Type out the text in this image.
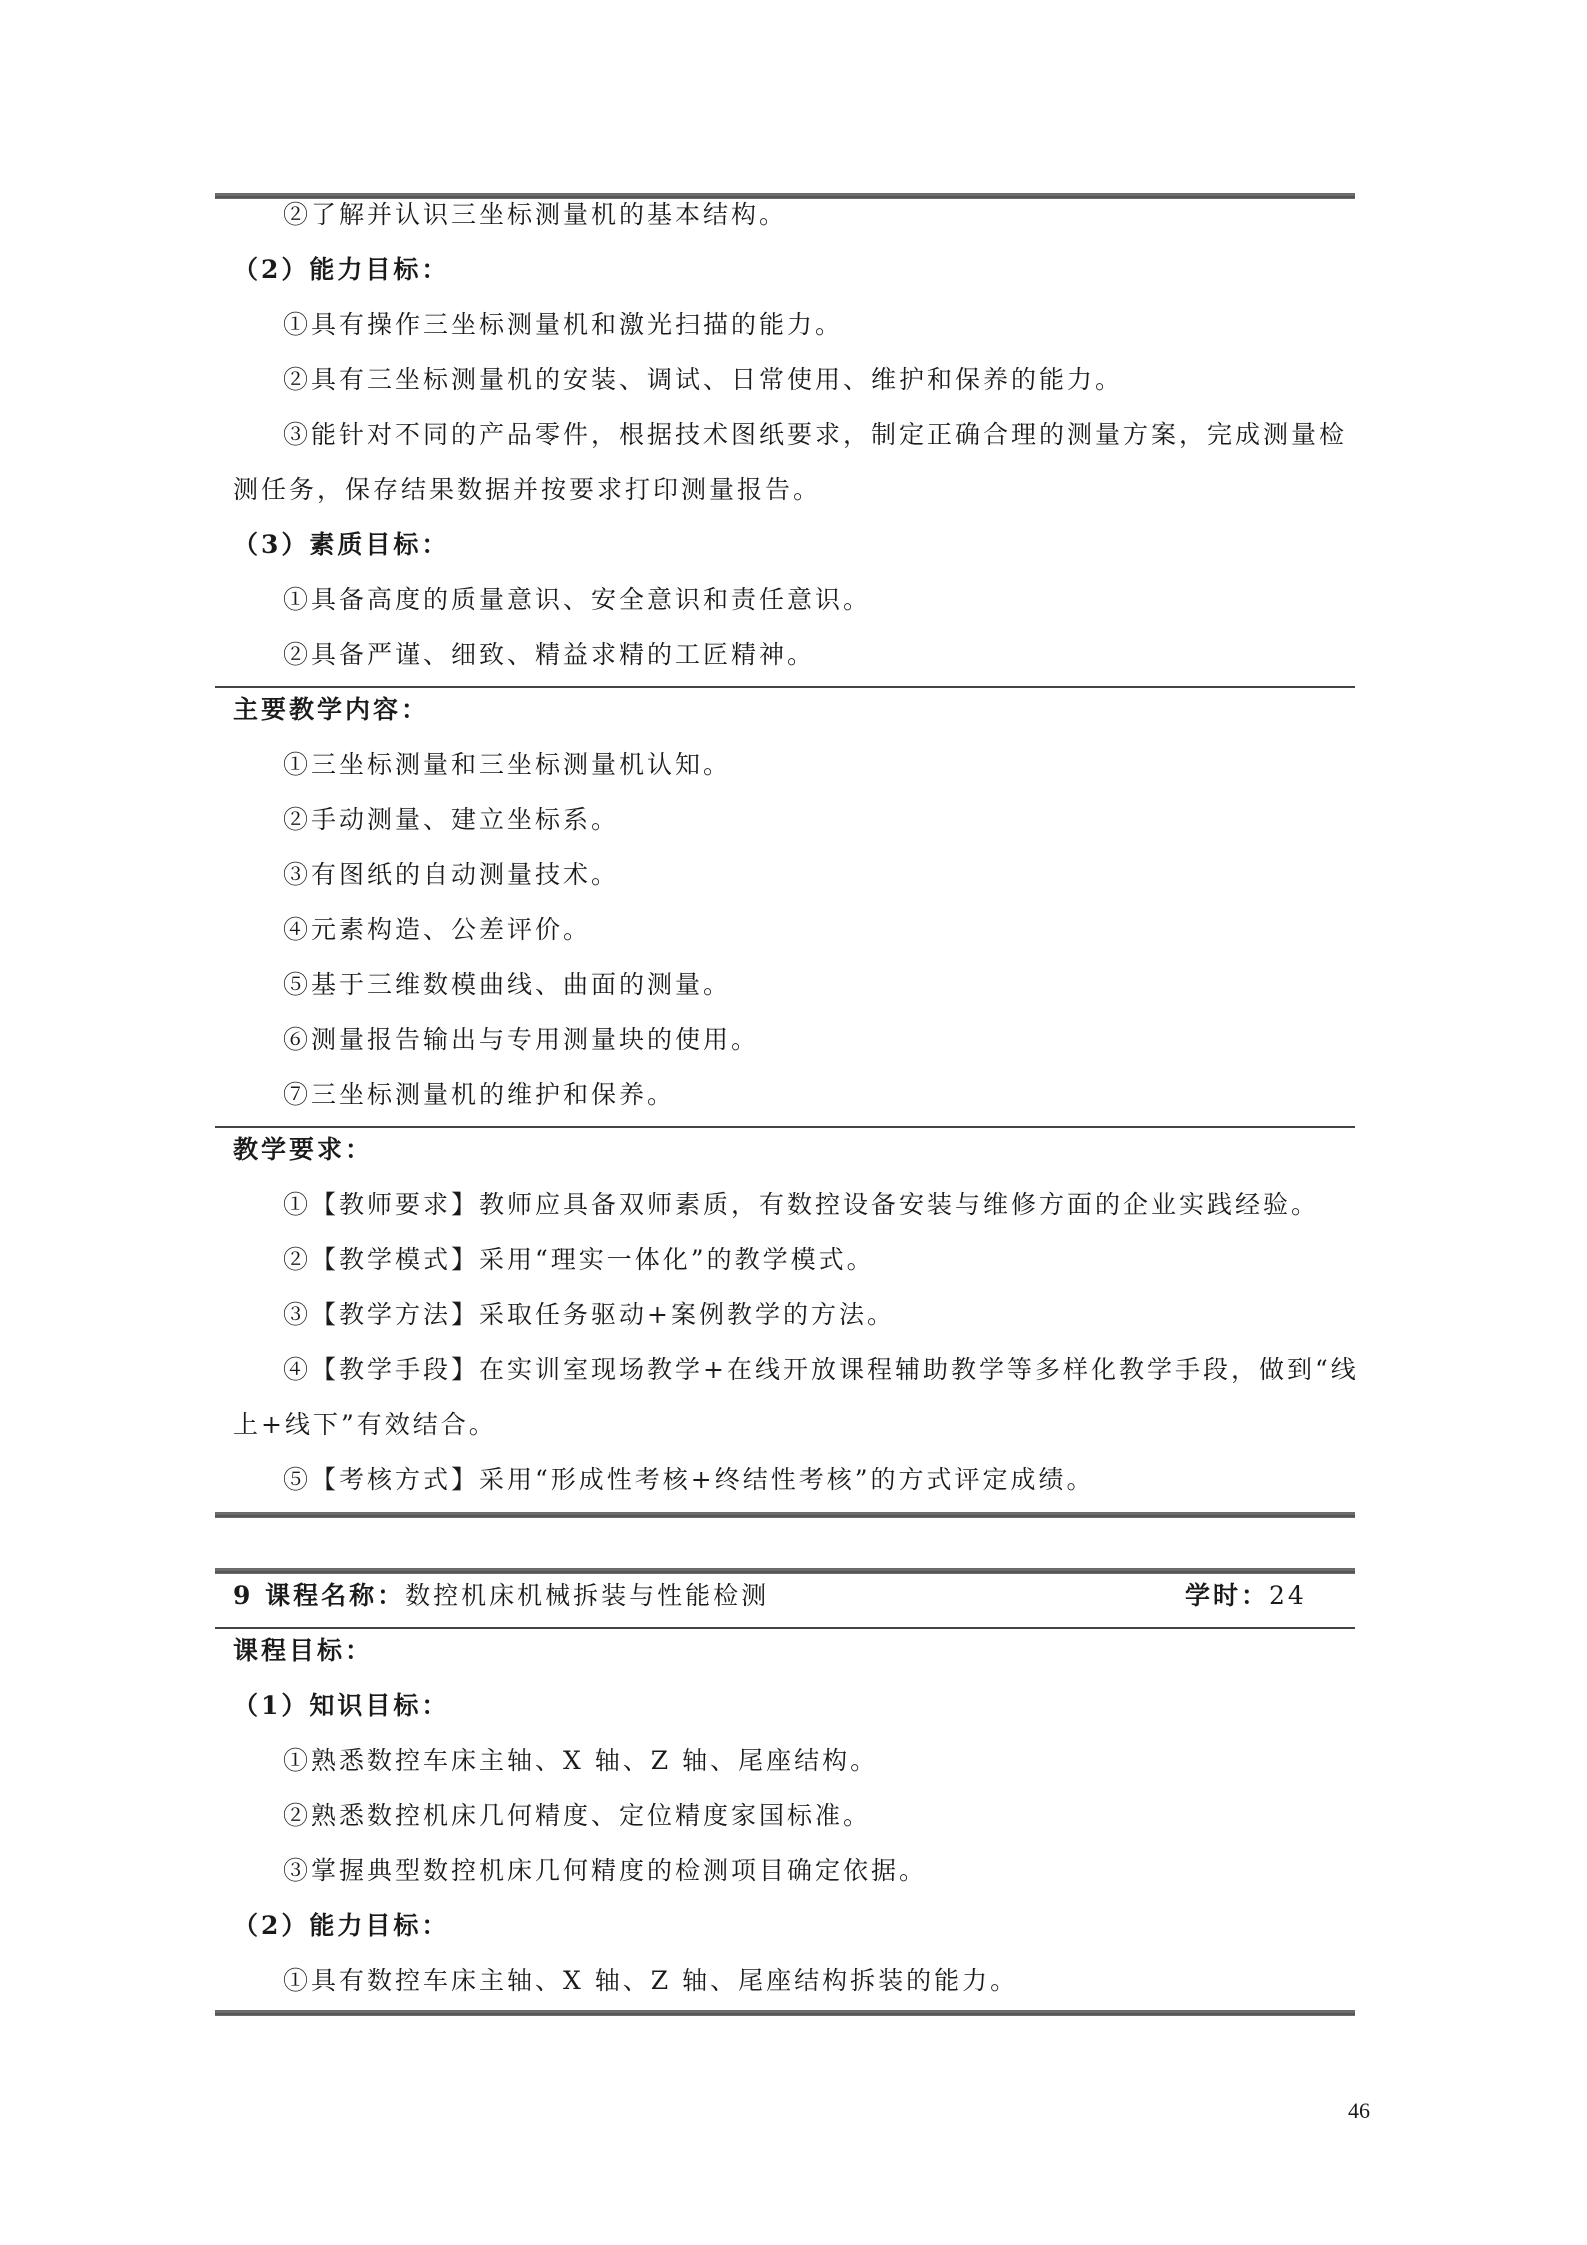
②了解并认识三坐标测量机的基本结构。
（2）能力目标：
①具有操作三坐标测量机和激光扫描的能力。
②具有三坐标测量机的安装、调试、日常使用、维护和保养的能力。
③能针对不同的产品零件，根据技术图纸要求，制定正确合理的测量方案，完成测量检
测任务，保存结果数据并按要求打印测量报告。
（3）素质目标：
①具备高度的质量意识、安全意识和责任意识。
②具备严谨、细致、精益求精的工匠精神。
主要教学内容：
①三坐标测量和三坐标测量机认知。
②手动测量、建立坐标系。
③有图纸的自动测量技术。
④元素构造、公差评价。
⑤基于三维数模曲线、曲面的测量。
⑥测量报告输出与专用测量块的使用。
⑦三坐标测量机的维护和保养。
教学要求：
①【教师要求】教师应具备双师素质，有数控设备安装与维修方面的企业实践经验。
②【教学模式】采用“理实一体化”的教学模式。
③【教学方法】采取任务驱动+案例教学的方法。
④【教学手段】在实训室现场教学+在线开放课程辅助教学等多样化教学手段，做到“线
上+线下”有效结合。
⑤【考核方式】采用“形成性考核+终结性考核”的方式评定成绩。
9 课程名称：数控机床机械拆装与性能检测	学时：24
课程目标：
（1）知识目标：
①熟悉数控车床主轴、X 轴、Z 轴、尾座结构。
②熟悉数控机床几何精度、定位精度家国标准。
③掌握典型数控机床几何精度的检测项目确定依据。
（2）能力目标：
①具有数控车床主轴、X 轴、Z 轴、尾座结构拆装的能力。
46
